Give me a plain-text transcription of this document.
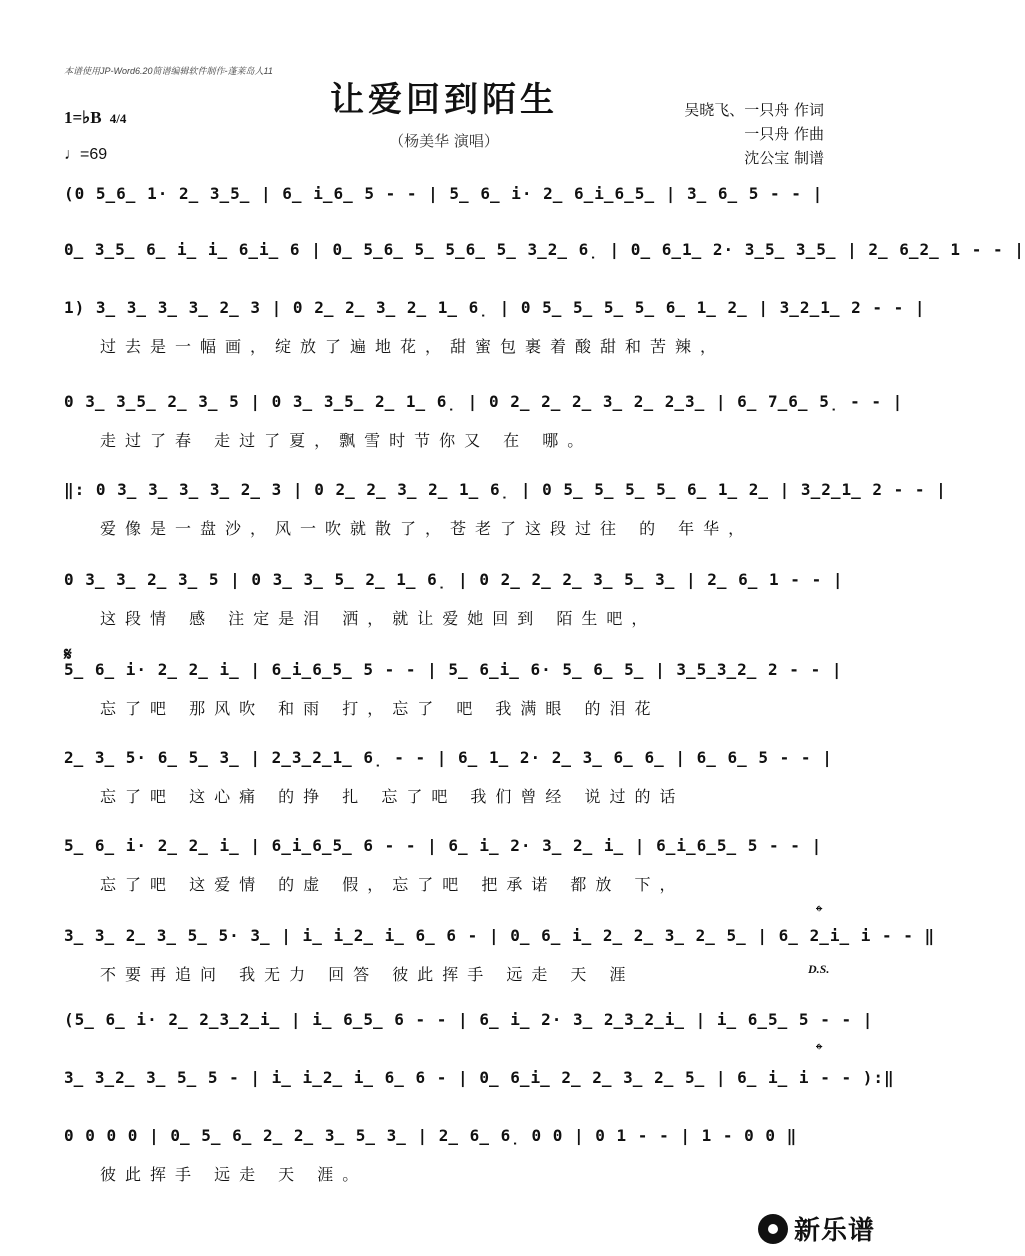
本谱使用JP-Word6.20简谱编辑软件制作-蓬莱岛人11
让爱回到陌生
（杨美华 演唱）
1=♭B 4/4
♩=69
吴晓飞、一只舟 作词
一只舟 作曲
沈公宝 制谱
𝄋
𝄌
D.S.
𝄌
(0 5̲6̲ 1· 2̲ 3̲5̲ | 6̲ i̲6̲ 5 - - | 5̲ 6̲ i· 2̲ 6̲i̲6̲5̲ | 3̲ 6̲ 5 - - |
0̲ 3̲5̲ 6̲ i̲ i̲ 6̲i̲ 6 | 0̲ 5̲6̲ 5̲ 5̲6̲ 5̲ 3̲2̲ 6̣ | 0̲ 6̲1̲ 2· 3̲5̲ 3̲5̲ | 2̲ 6̲2̲ 1 - - |
1) 3̲ 3̲ 3̲ 3̲ 2̲ 3 | 0 2̲ 2̲ 3̲ 2̲ 1̲ 6̣ | 0 5̲ 5̲ 5̲ 5̲ 6̲ 1̲ 2̲ | 3̲2̲1̲ 2 - - |
过去是一幅画，绽放了遍地花，甜蜜包裹着酸甜和苦辣，
0 3̲ 3̲5̲ 2̲ 3̲ 5 | 0 3̲ 3̲5̲ 2̲ 1̲ 6̣ | 0 2̲ 2̲ 2̲ 3̲ 2̲ 2̲3̲ | 6̲ 7̲6̲ 5̣ - - |
走过了春 走过了夏，飘雪时节你又 在 哪。
‖: 0 3̲ 3̲ 3̲ 3̲ 2̲ 3 | 0 2̲ 2̲ 3̲ 2̲ 1̲ 6̣ | 0 5̲ 5̲ 5̲ 5̲ 6̲ 1̲ 2̲ | 3̲2̲1̲ 2 - - |
爱像是一盘沙，风一吹就散了，苍老了这段过往 的 年华，
0 3̲ 3̲ 2̲ 3̲ 5 | 0 3̲ 3̲ 5̲ 2̲ 1̲ 6̣ | 0 2̲ 2̲ 2̲ 3̲ 5̲ 3̲ | 2̲ 6̲ 1 - - |
这段情 感 注定是泪 洒，就让爱她回到 陌生吧，
5̲ 6̲ i· 2̲ 2̲ i̲ | 6̲i̲6̲5̲ 5 - - | 5̲ 6̲i̲ 6· 5̲ 6̲ 5̲ | 3̲5̲3̲2̲ 2 - - |
忘了吧 那风吹 和雨 打，忘了 吧 我满眼 的泪花
2̲ 3̲ 5· 6̲ 5̲ 3̲ | 2̲3̲2̲1̲ 6̣ - - | 6̲ 1̲ 2· 2̲ 3̲ 6̲ 6̲ | 6̲ 6̲ 5 - - |
忘了吧 这心痛 的挣 扎 忘了吧 我们曾经 说过的话
5̲ 6̲ i· 2̲ 2̲ i̲ | 6̲i̲6̲5̲ 6 - - | 6̲ i̲ 2· 3̲ 2̲ i̲ | 6̲i̲6̲5̲ 5 - - |
忘了吧 这爱情 的虚 假，忘了吧 把承诺 都放 下，
3̲ 3̲ 2̲ 3̲ 5̲ 5· 3̲ | i̲ i̲2̲ i̲ 6̲ 6 - | 0̲ 6̲ i̲ 2̲ 2̲ 3̲ 2̲ 5̲ | 6̲ 2̲i̲ i - - ‖
不要再追问 我无力 回答 彼此挥手 远走 天 涯
(5̲ 6̲ i· 2̲ 2̲3̲2̲i̲ | i̲ 6̲5̲ 6 - - | 6̲ i̲ 2· 3̲ 2̲3̲2̲i̲ | i̲ 6̲5̲ 5 - - |
3̲ 3̲2̲ 3̲ 5̲ 5 - | i̲ i̲2̲ i̲ 6̲ 6 - | 0̲ 6̲i̲ 2̲ 2̲ 3̲ 2̲ 5̲ | 6̲ i̲ i - - ):‖
0 0 0 0 | 0̲ 5̲ 6̲ 2̲ 2̲ 3̲ 5̲ 3̲ | 2̲ 6̲ 6̣ 0 0 | 0 1 - - | 1 - 0 0 ‖
彼此挥手 远走 天 涯。
新乐谱
